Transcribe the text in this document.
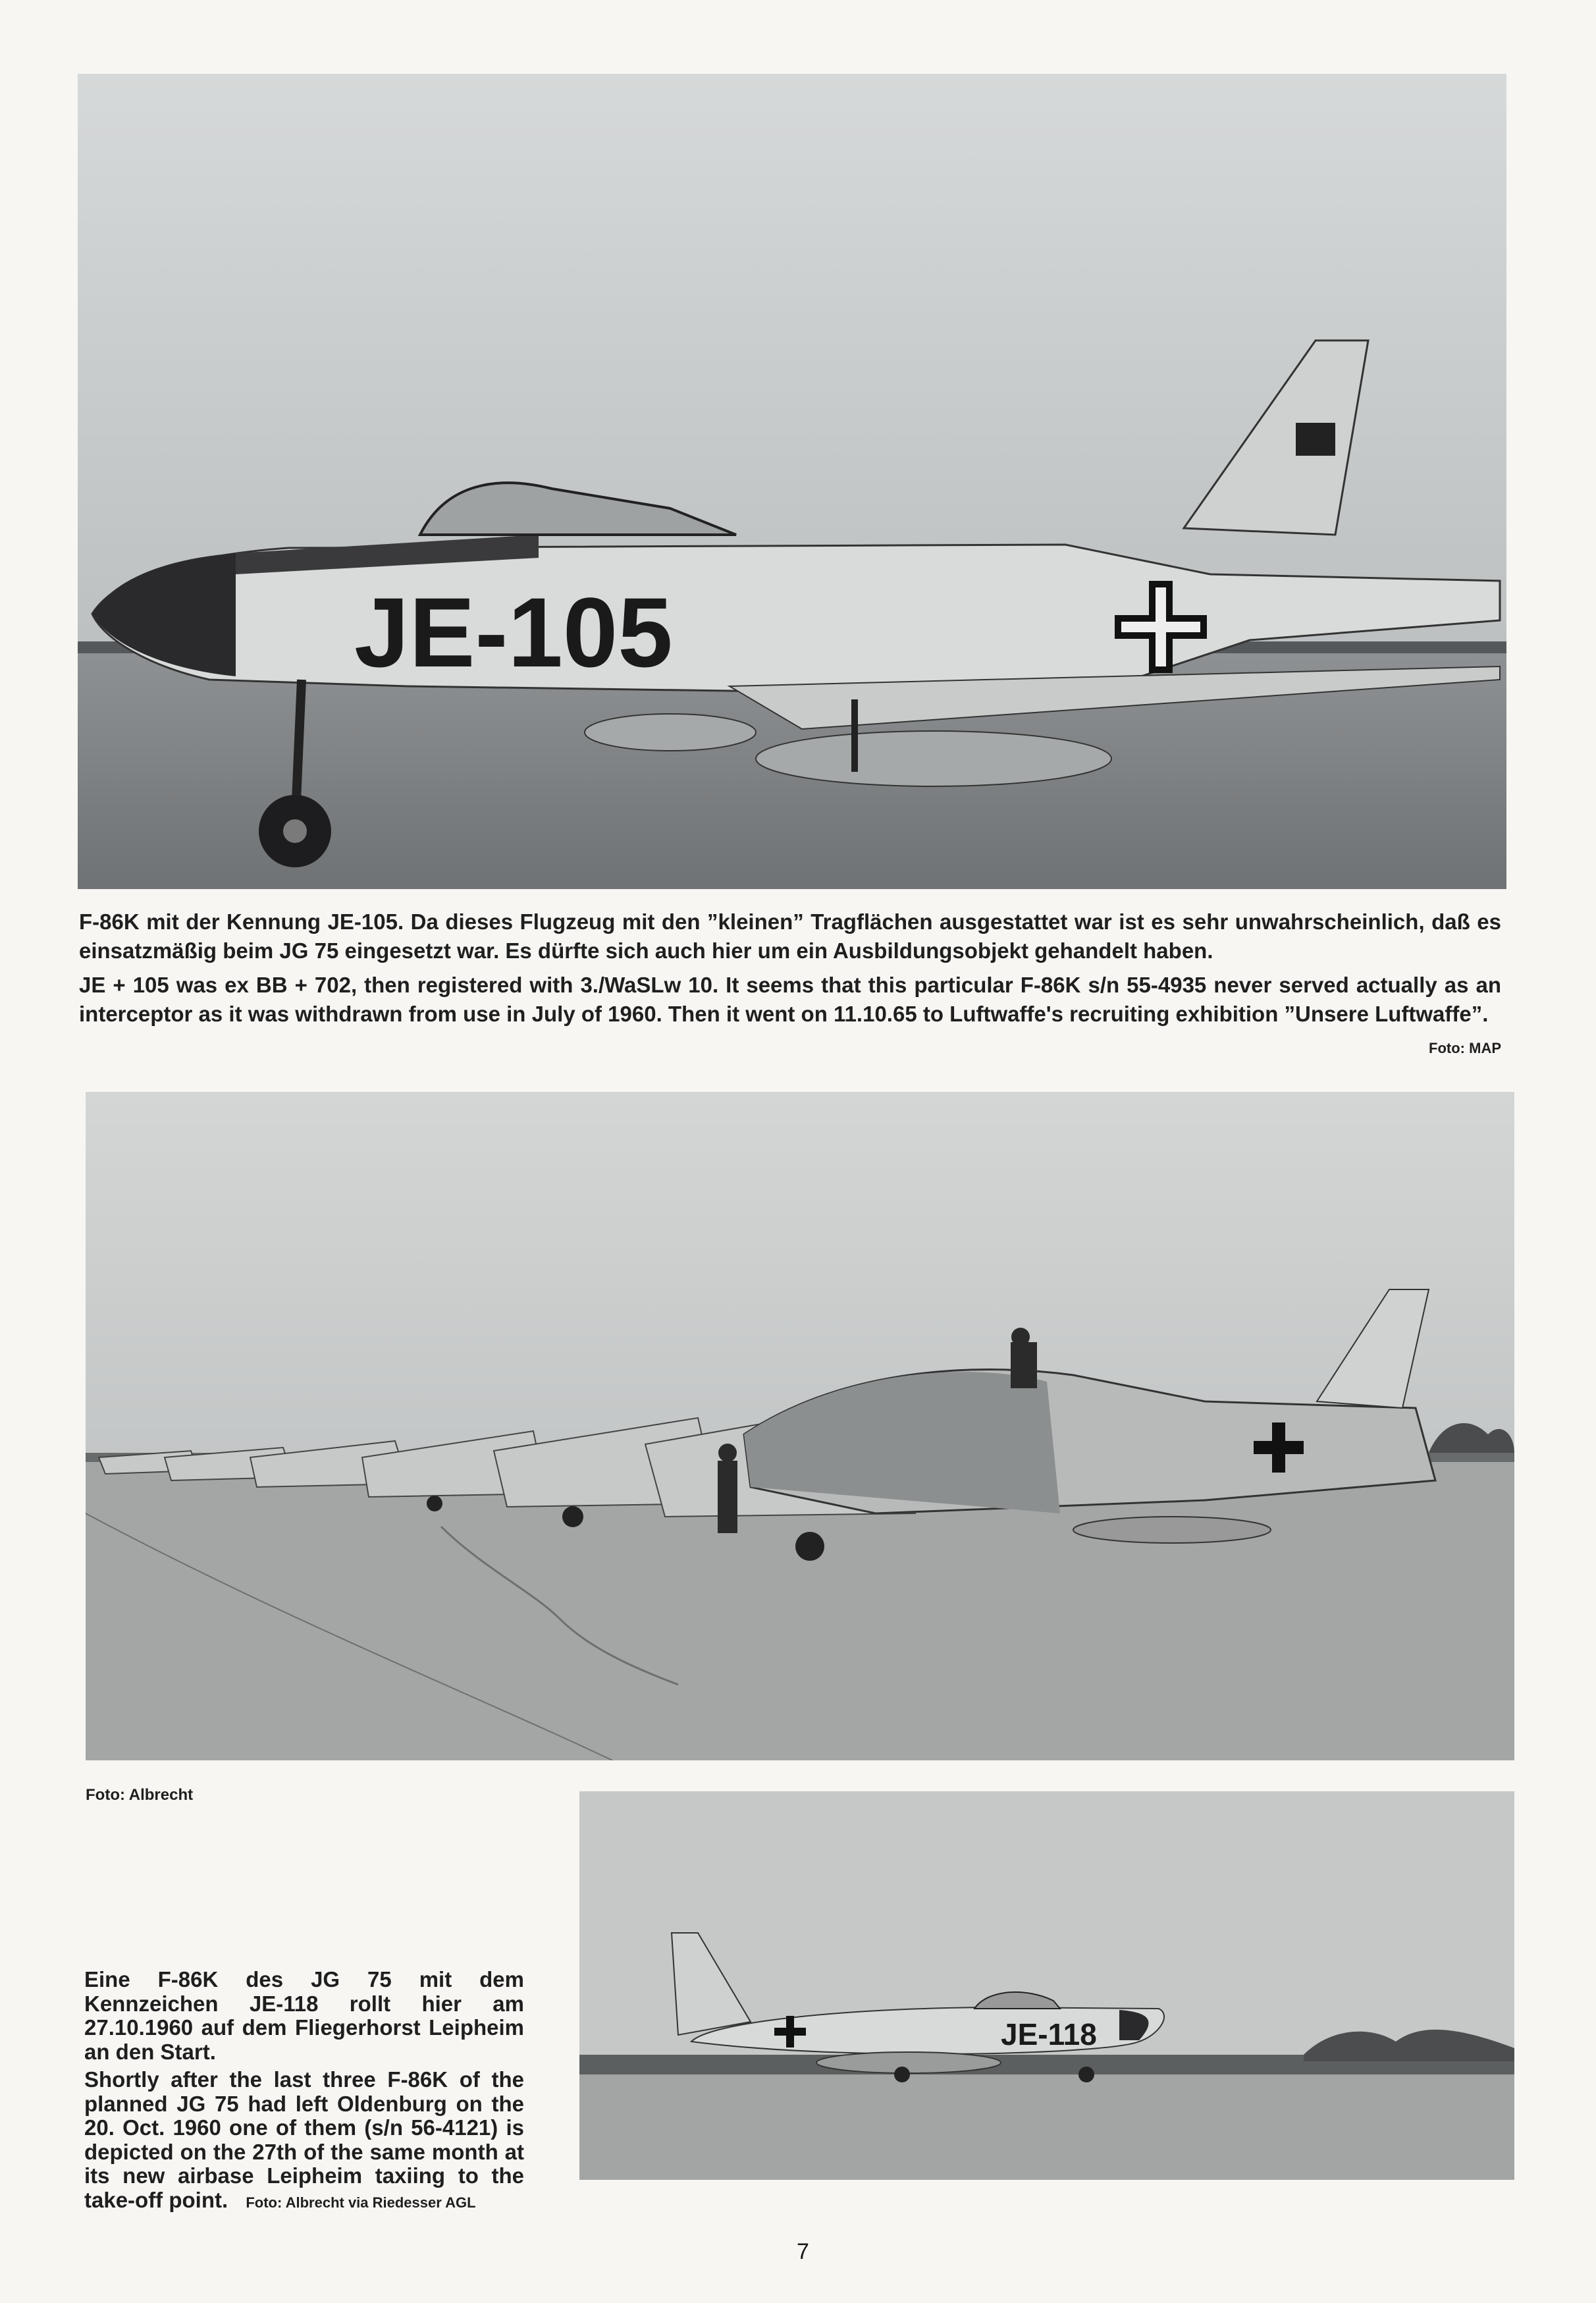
JE-105

F-86K mit der Kennung JE-105. Da dieses Flugzeug mit den ”kleinen” Tragflächen ausgestattet war ist es sehr unwahrscheinlich, daß es einsatzmäßig beim JG 75 eingesetzt war. Es dürfte sich auch hier um ein Ausbildungsobjekt gehandelt haben.

JE + 105 was ex BB + 702, then registered with 3./WaSLw 10. It seems that this particular F-86K s/n 55-4935 never served actually as an interceptor as it was withdrawn from use in July of 1960. Then it went on 11.10.65 to Luftwaffe's recruiting exhibition ”Unsere Luftwaffe”.
Foto: MAP

Foto: Albrecht
JE-118

Eine F-86K des JG 75 mit dem Kennzeichen JE-118 rollt hier am 27.10.1960 auf dem Fliegerhorst Leipheim an den Start.

Shortly after the last three F-86K of the planned JG 75 had left Oldenburg on the 20. Oct. 1960 one of them (s/n 56-4121) is depicted on the 27th of the same month at its new airbase Leipheim taxiing to the take-off point. Foto: Albrecht via Riedesser AGL

7
